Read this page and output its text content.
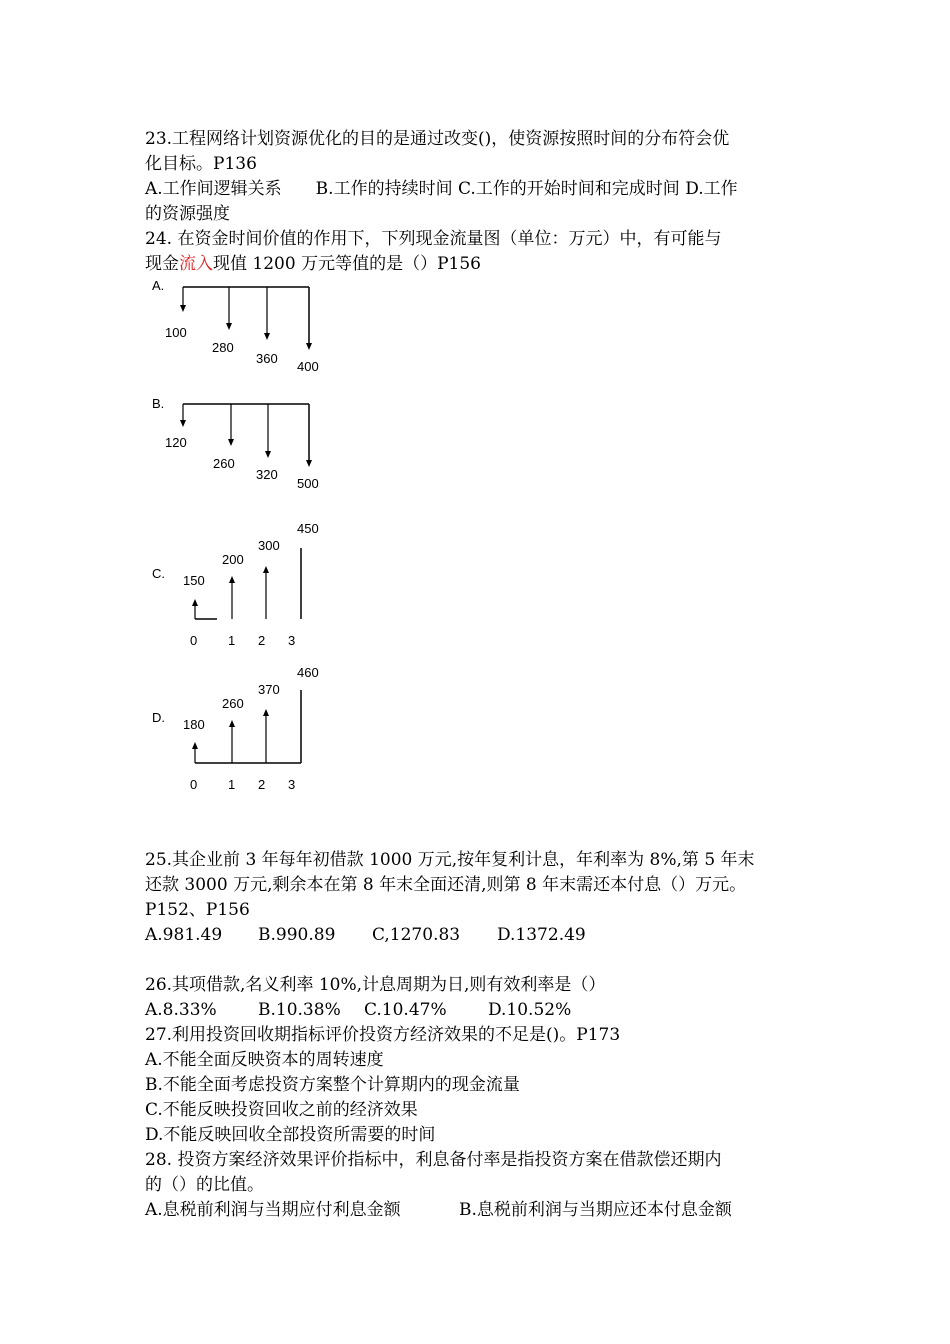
23.工程网络计划资源优化的目的是通过改变()，使资源按照时间的分布符会优
化目标。P136
A.工作间逻辑关系　　B.工作的持续时间 C.工作的开始时间和完成时间 D.工作
的资源强度
24. 在资金时间价值的作用下，下列现金流量图（单位：万元）中，有可能与
现金流入现值 1200 万元等值的是（）P156
A.
100
280
360
400
B.
120
260
320
500
C. 150
200
300
450
0 1 2 3
D. 180
260
370
460
0 1 2 3
25.其企业前 3 年每年初借款 1000 万元,按年复利计息，年利率为 8%,第 5 年末
还款 3000 万元,剩余本在第 8 年末全面还清,则第 8 年末需还本付息（）万元。
P152、P156
A.981.49 B.990.89 C,1270.83 D.1372.49
26.其项借款,名义利率 10%,计息周期为日,则有效利率是（）
A.8.33% B.10.38% C.10.47% D.10.52%
27.利用投资回收期指标评价投资方经济效果的不足是()。P173
A.不能全面反映资本的周转速度
B.不能全面考虑投资方案整个计算期内的现金流量
C.不能反映投资回收之前的经济效果
D.不能反映回收全部投资所需要的时间
28. 投资方案经济效果评价指标中，利息备付率是指投资方案在借款偿还期内
的（）的比值。
A.息税前利润与当期应付利息金额	B.息税前利润与当期应还本付息金额
